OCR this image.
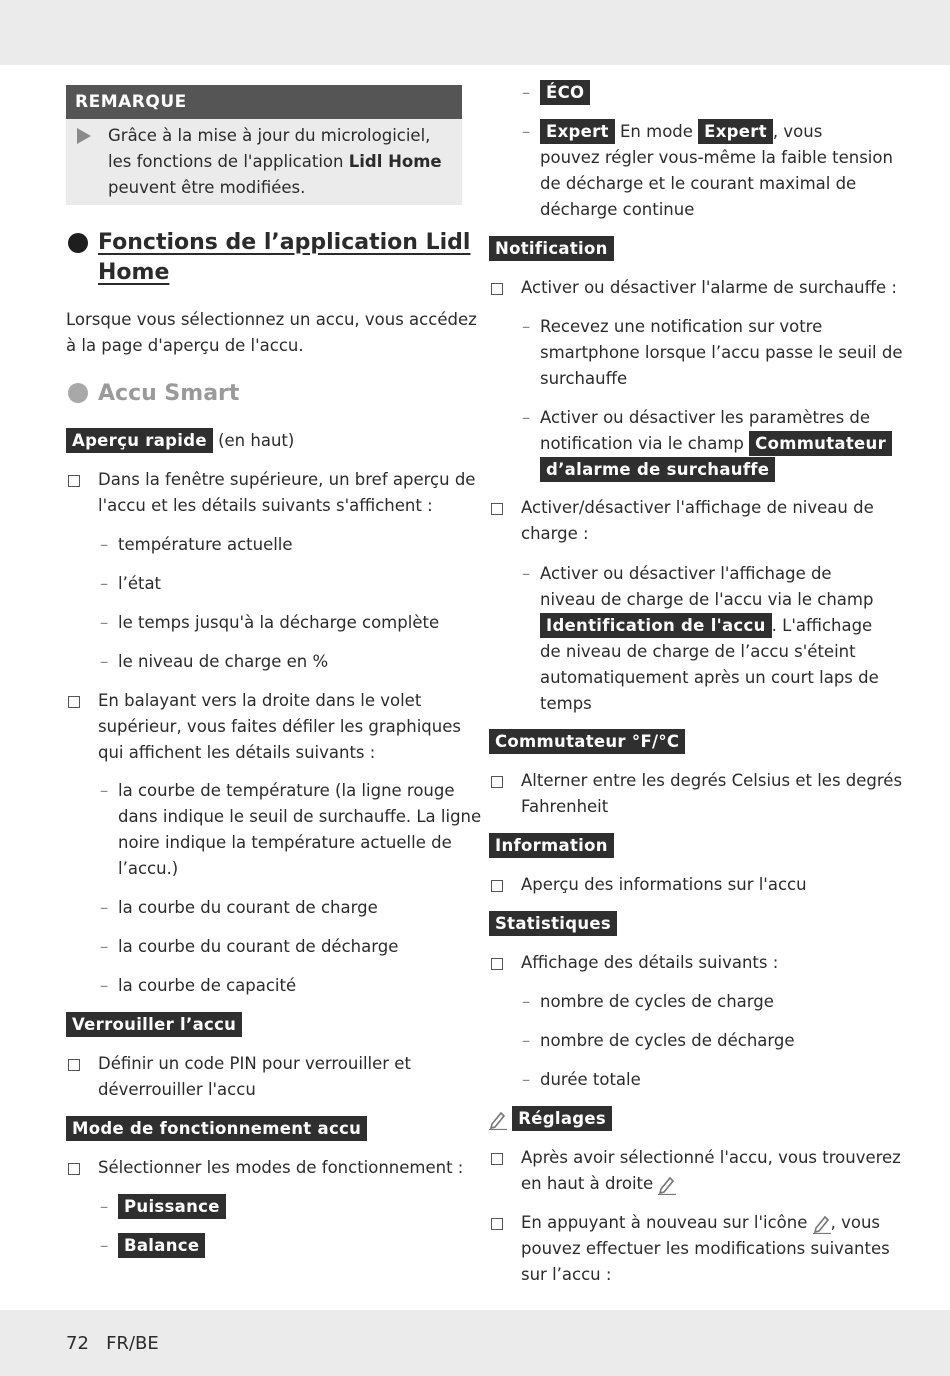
REMARQUE
Grâce à la mise à jour du micrologiciel,
les fonctions de l'application Lidl Home
peuvent être modifiées.
Fonctions de l’application Lidl
Home
Lorsque vous sélectionnez un accu, vous accédez
à la page d'aperçu de l'accu.
Accu Smart
Aperçu rapide (en haut)
Dans la fenêtre supérieure, un bref aperçu de
l'accu et les détails suivants s'affichent :
– température actuelle
– l’état
– le temps jusqu'à la décharge complète
– le niveau de charge en %
En balayant vers la droite dans le volet
supérieur, vous faites défiler les graphiques
qui affichent les détails suivants :
– la courbe de température (la ligne rouge
dans indique le seuil de surchauffe. La ligne
noire indique la température actuelle de
l’accu.)
– la courbe du courant de charge
– la courbe du courant de décharge
– la courbe de capacité
Verrouiller l’accu
Définir un code PIN pour verrouiller et
déverrouiller l'accu
Mode de fonctionnement accu
Sélectionner les modes de fonctionnement :
– Puissance
– Balance
– ÉCO
– Expert En mode Expert , vous
pouvez régler vous-même la faible tension
de décharge et le courant maximal de
décharge continue
Notification
Activer ou désactiver l'alarme de surchauffe :
– Recevez une notification sur votre
smartphone lorsque l’accu passe le seuil de
surchauffe
– Activer ou désactiver les paramètres de
notification via le champ Commutateur
d’alarme de surchauffe
Activer/désactiver l'affichage de niveau de
charge :
– Activer ou désactiver l'affichage de
niveau de charge de l'accu via le champ
Identification de l'accu . L'affichage
de niveau de charge de l’accu s'éteint
automatiquement après un court laps de
temps
Commutateur °F/°C
Alterner entre les degrés Celsius et les degrés
Fahrenheit
Information
Aperçu des informations sur l'accu
Statistiques
Affichage des détails suivants :
– nombre de cycles de charge
– nombre de cycles de décharge
– durée totale
Réglages
Après avoir sélectionné l'accu, vous trouverez
en haut à droite
En appuyant à nouveau sur l'icône , vous
pouvez effectuer les modifications suivantes
sur l’accu :
72 FR/BE
